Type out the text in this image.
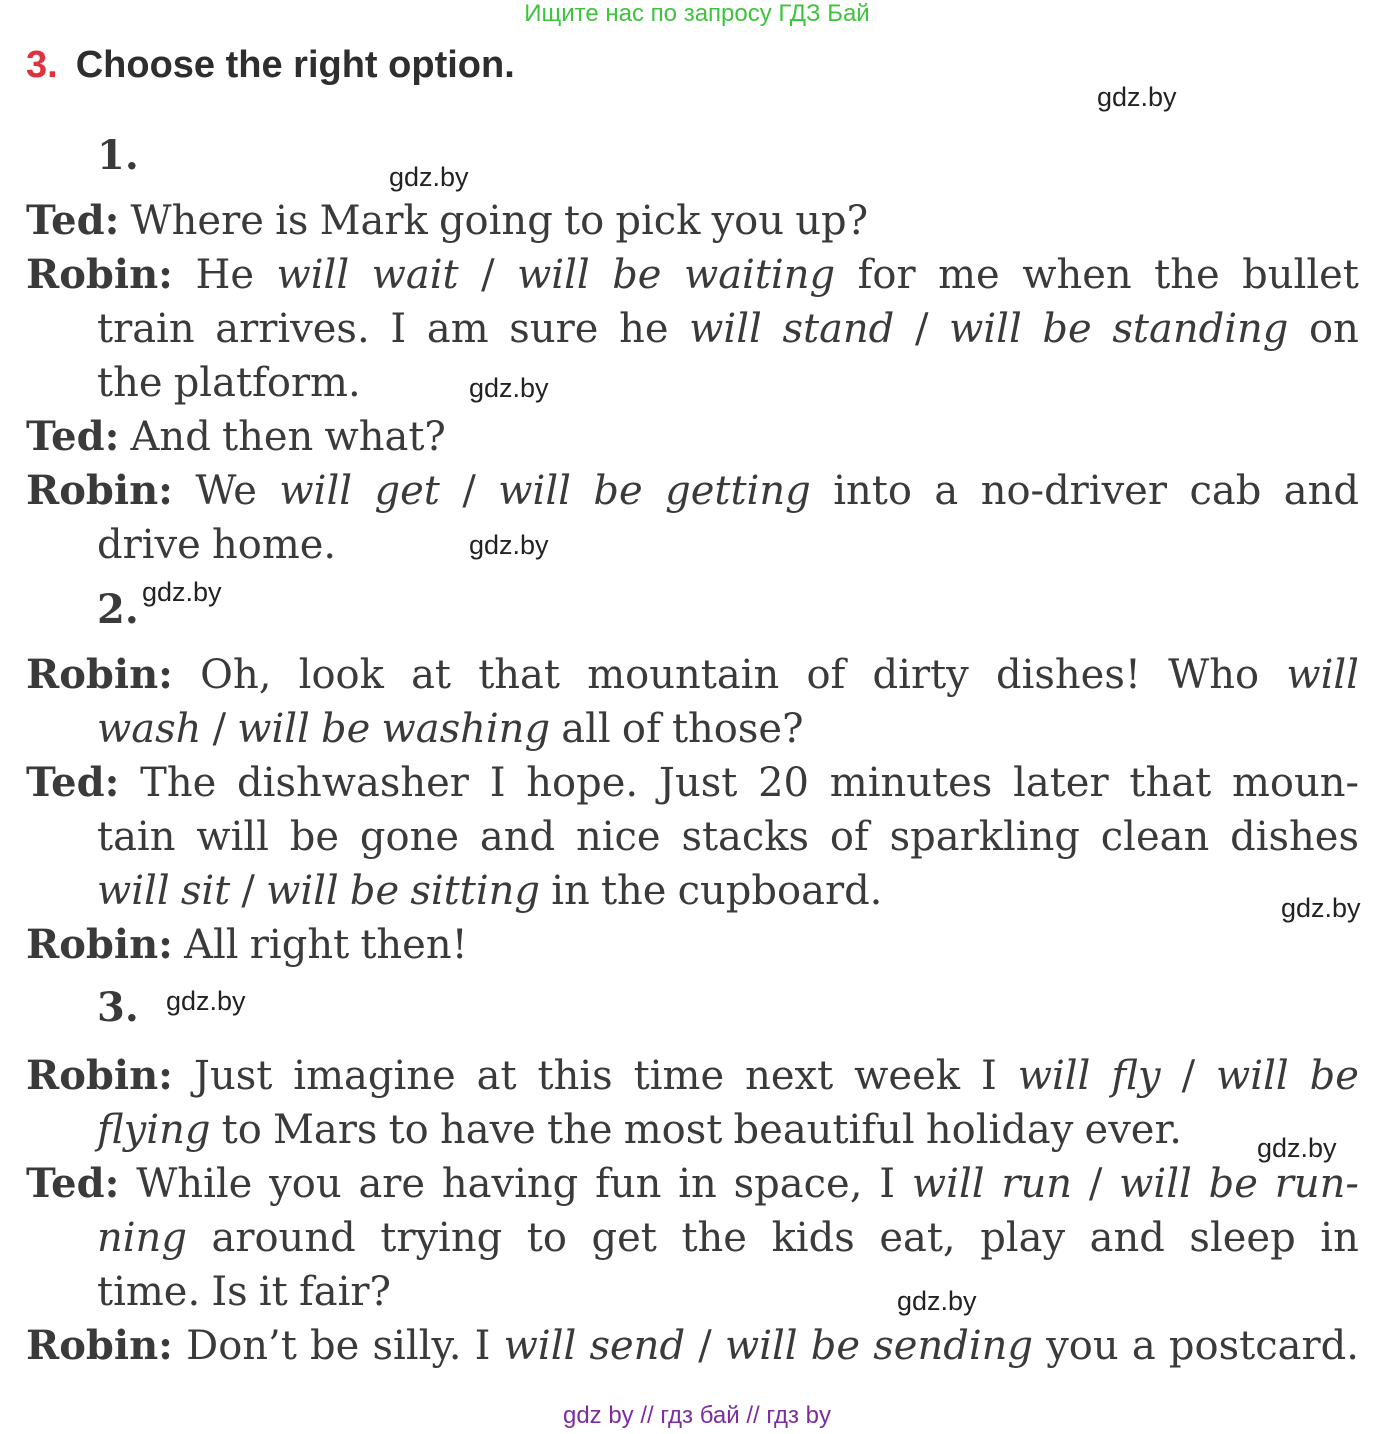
Ищите нас по запросу ГДЗ Бай
3. Choose the right option.
gdz.by
gdz.by
gdz.by
gdz.by
gdz.by
gdz.by
gdz.by
gdz.by
gdz.by
1.
Ted: Where is Mark going to pick you up?
Robin: He will wait / will be waiting for me when the bullet
train arrives. I am sure he will stand / will be standing on
the platform.
Ted: And then what?
Robin: We will get / will be getting into a no-driver cab and
drive home.
2.
Robin: Oh, look at that mountain of dirty dishes! Who will
wash / will be washing all of those?
Ted: The dishwasher I hope. Just 20 minutes later that moun-
tain will be gone and nice stacks of sparkling clean dishes
will sit / will be sitting in the cupboard.
Robin: All right then!
3.
Robin: Just imagine at this time next week I will fly / will be
flying to Mars to have the most beautiful holiday ever.
Ted: While you are having fun in space, I will run / will be run-
ning around trying to get the kids eat, play and sleep in
time. Is it fair?
Robin: Don’t be silly. I will send / will be sending you a postcard.
gdz by // гдз бай // гдз by
